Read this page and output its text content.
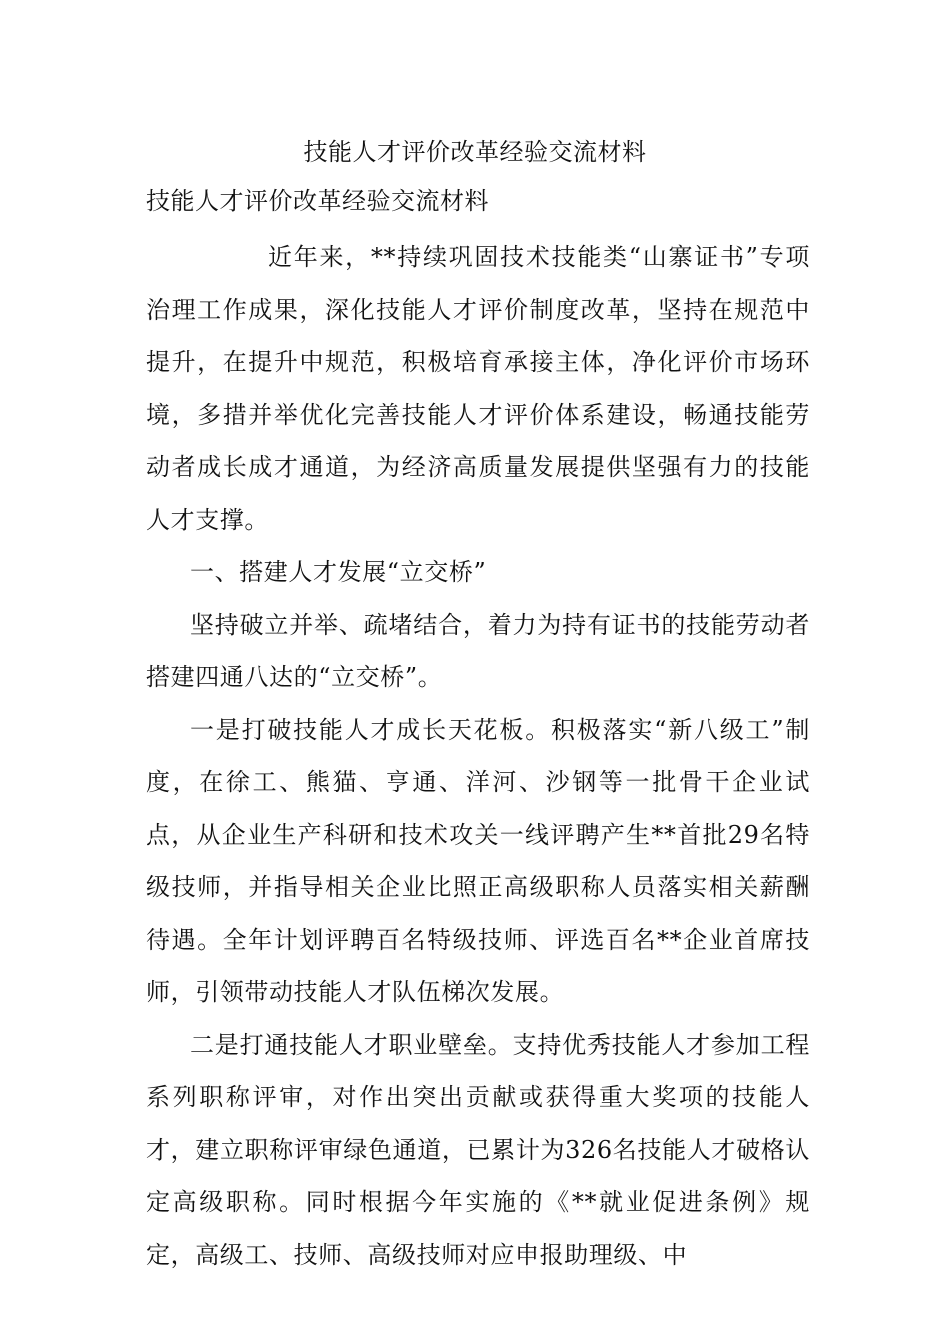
技能人才评价改革经验交流材料
技能人才评价改革经验交流材料

近年来，**持续巩固技术技能类“山寨证书”专项治理工作成果，深化技能人才评价制度改革，坚持在规范中提升，在提升中规范，积极培育承接主体，净化评价市场环境，多措并举优化完善技能人才评价体系建设，畅通技能劳动者成长成才通道，为经济高质量发展提供坚强有力的技能人才支撑。

一、搭建人才发展“立交桥”

坚持破立并举、疏堵结合，着力为持有证书的技能劳动者搭建四通八达的“立交桥”。

一是打破技能人才成长天花板。积极落实“新八级工”制度，在徐工、熊猫、亨通、洋河、沙钢等一批骨干企业试点，从企业生产科研和技术攻关一线评聘产生**首批29名特级技师，并指导相关企业比照正高级职称人员落实相关薪酬待遇。全年计划评聘百名特级技师、评选百名**企业首席技师，引领带动技能人才队伍梯次发展。

二是打通技能人才职业壁垒。支持优秀技能人才参加工程系列职称评审，对作出突出贡献或获得重大奖项的技能人才，建立职称评审绿色通道，已累计为326名技能人才破格认定高级职称。同时根据今年实施的《**就业促进条例》规定，高级工、技师、高级技师对应申报助理级、中
